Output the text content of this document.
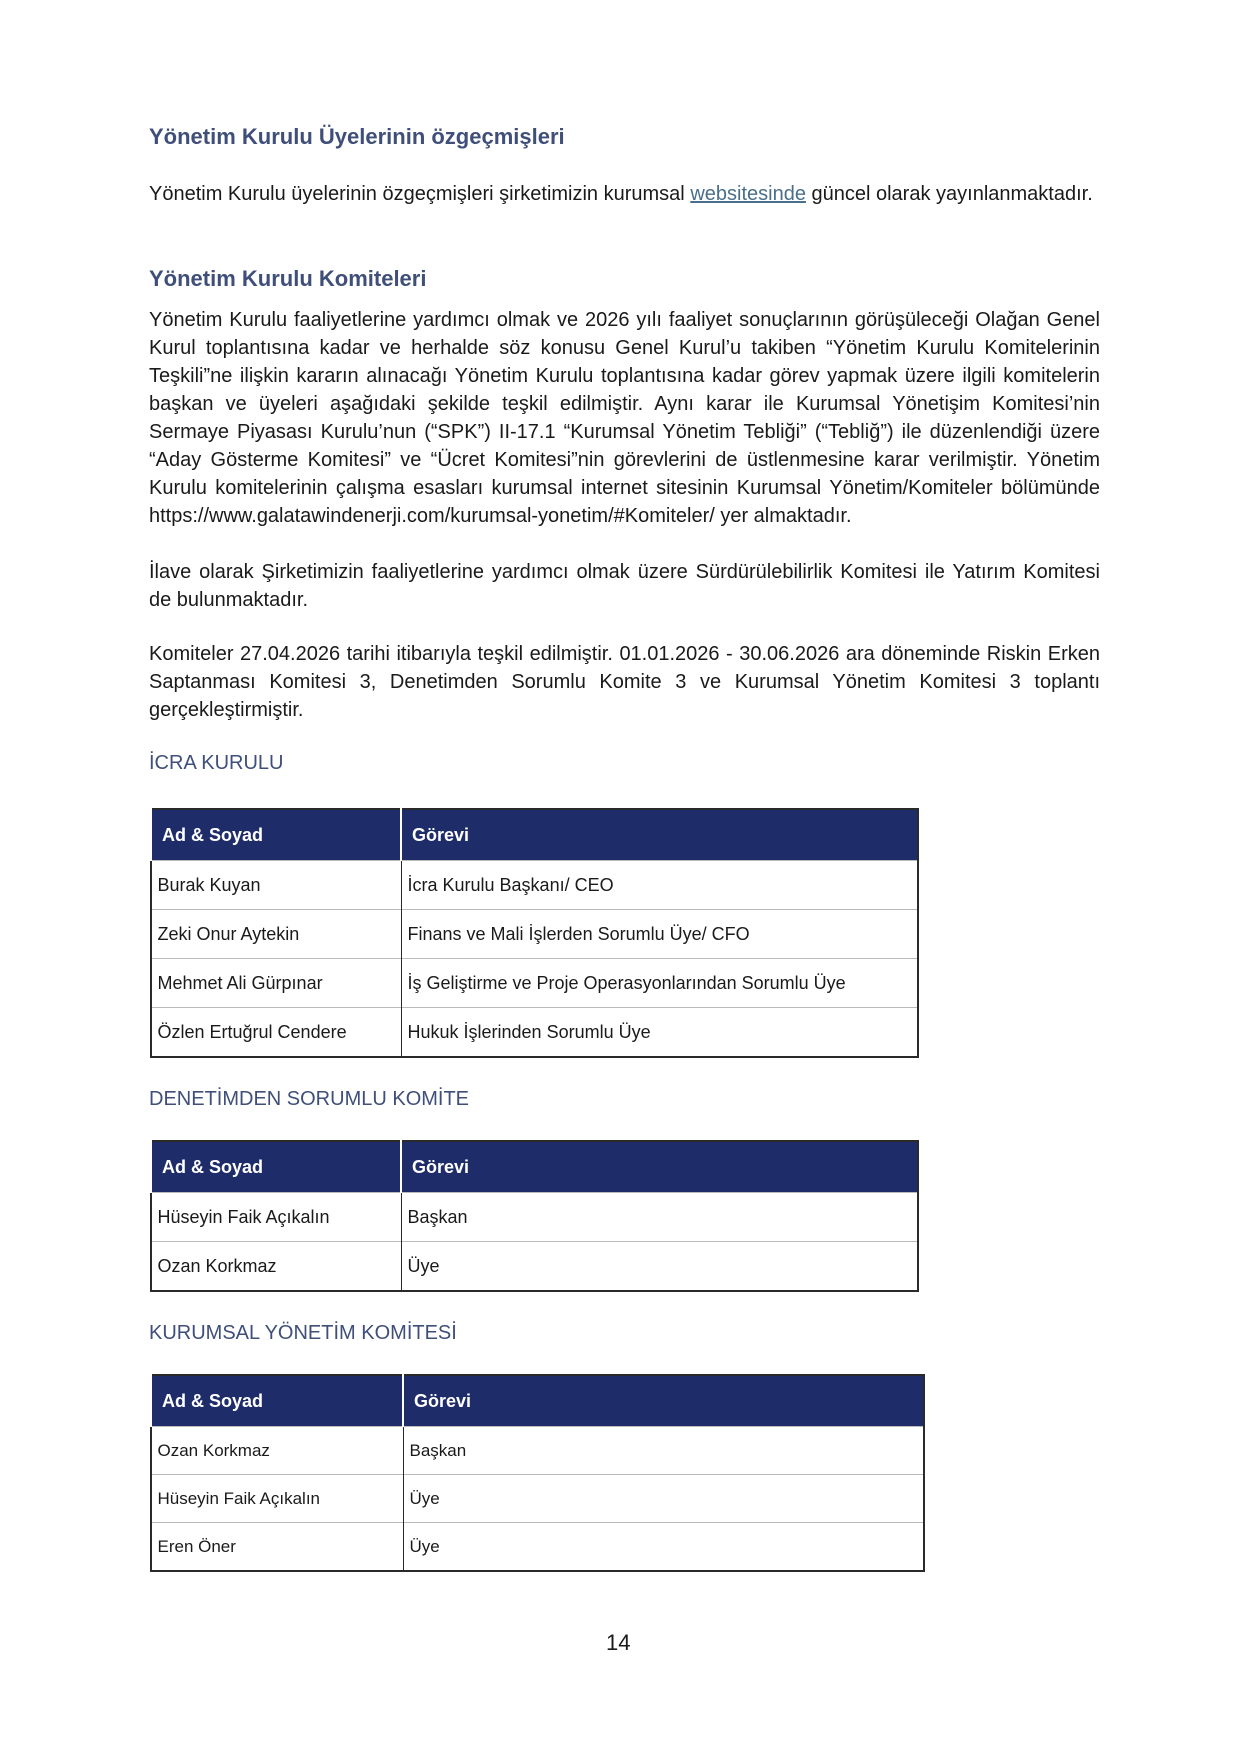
Yönetim Kurulu Üyelerinin özgeçmişleri

Yönetim Kurulu üyelerinin özgeçmişleri şirketimizin kurumsal websitesinde güncel olarak yayınlanmaktadır.

Yönetim Kurulu Komiteleri

Yönetim Kurulu faaliyetlerine yardımcı olmak ve 2026 yılı faaliyet sonuçlarının görüşüleceği Olağan Genel Kurul toplantısına kadar ve herhalde söz konusu Genel Kurul’u takiben “Yönetim Kurulu Komitelerinin Teşkili”ne ilişkin kararın alınacağı Yönetim Kurulu toplantısına kadar görev yapmak üzere ilgili komitelerin başkan ve üyeleri aşağıdaki şekilde teşkil edilmiştir. Aynı karar ile Kurumsal Yönetişim Komitesi’nin Sermaye Piyasası Kurulu’nun (“SPK”) II-17.1 “Kurumsal Yönetim Tebliği” (“Tebliğ”) ile düzenlendiği üzere “Aday Gösterme Komitesi” ve “Ücret Komitesi”nin görevlerini de üstlenmesine karar verilmiştir. Yönetim Kurulu komitelerinin çalışma esasları kurumsal internet sitesinin Kurumsal Yönetim/Komiteler bölümünde https://www.galatawindenerji.com/kurumsal-yonetim/#Komiteler/ yer almaktadır.

İlave olarak Şirketimizin faaliyetlerine yardımcı olmak üzere Sürdürülebilirlik Komitesi ile Yatırım Komitesi de bulunmaktadır.

Komiteler 27.04.2026 tarihi itibarıyla teşkil edilmiştir. 01.01.2026 - 30.06.2026 ara döneminde Riskin Erken Saptanması Komitesi 3, Denetimden Sorumlu Komite 3 ve Kurumsal Yönetim Komitesi 3 toplantı gerçekleştirmiştir.

İCRA KURULU
Ad & Soyad	Görevi
Burak Kuyan	İcra Kurulu Başkanı/ CEO
Zeki Onur Aytekin	Finans ve Mali İşlerden Sorumlu Üye/ CFO
Mehmet Ali Gürpınar	İş Geliştirme ve Proje Operasyonlarından Sorumlu Üye
Özlen Ertuğrul Cendere	Hukuk İşlerinden Sorumlu Üye
DENETİMDEN SORUMLU KOMİTE
Ad & Soyad	Görevi
Hüseyin Faik Açıkalın	Başkan
Ozan Korkmaz	Üye
KURUMSAL YÖNETİM KOMİTESİ
Ad & Soyad	Görevi
Ozan Korkmaz	Başkan
Hüseyin Faik Açıkalın	Üye
Eren Öner	Üye
14
